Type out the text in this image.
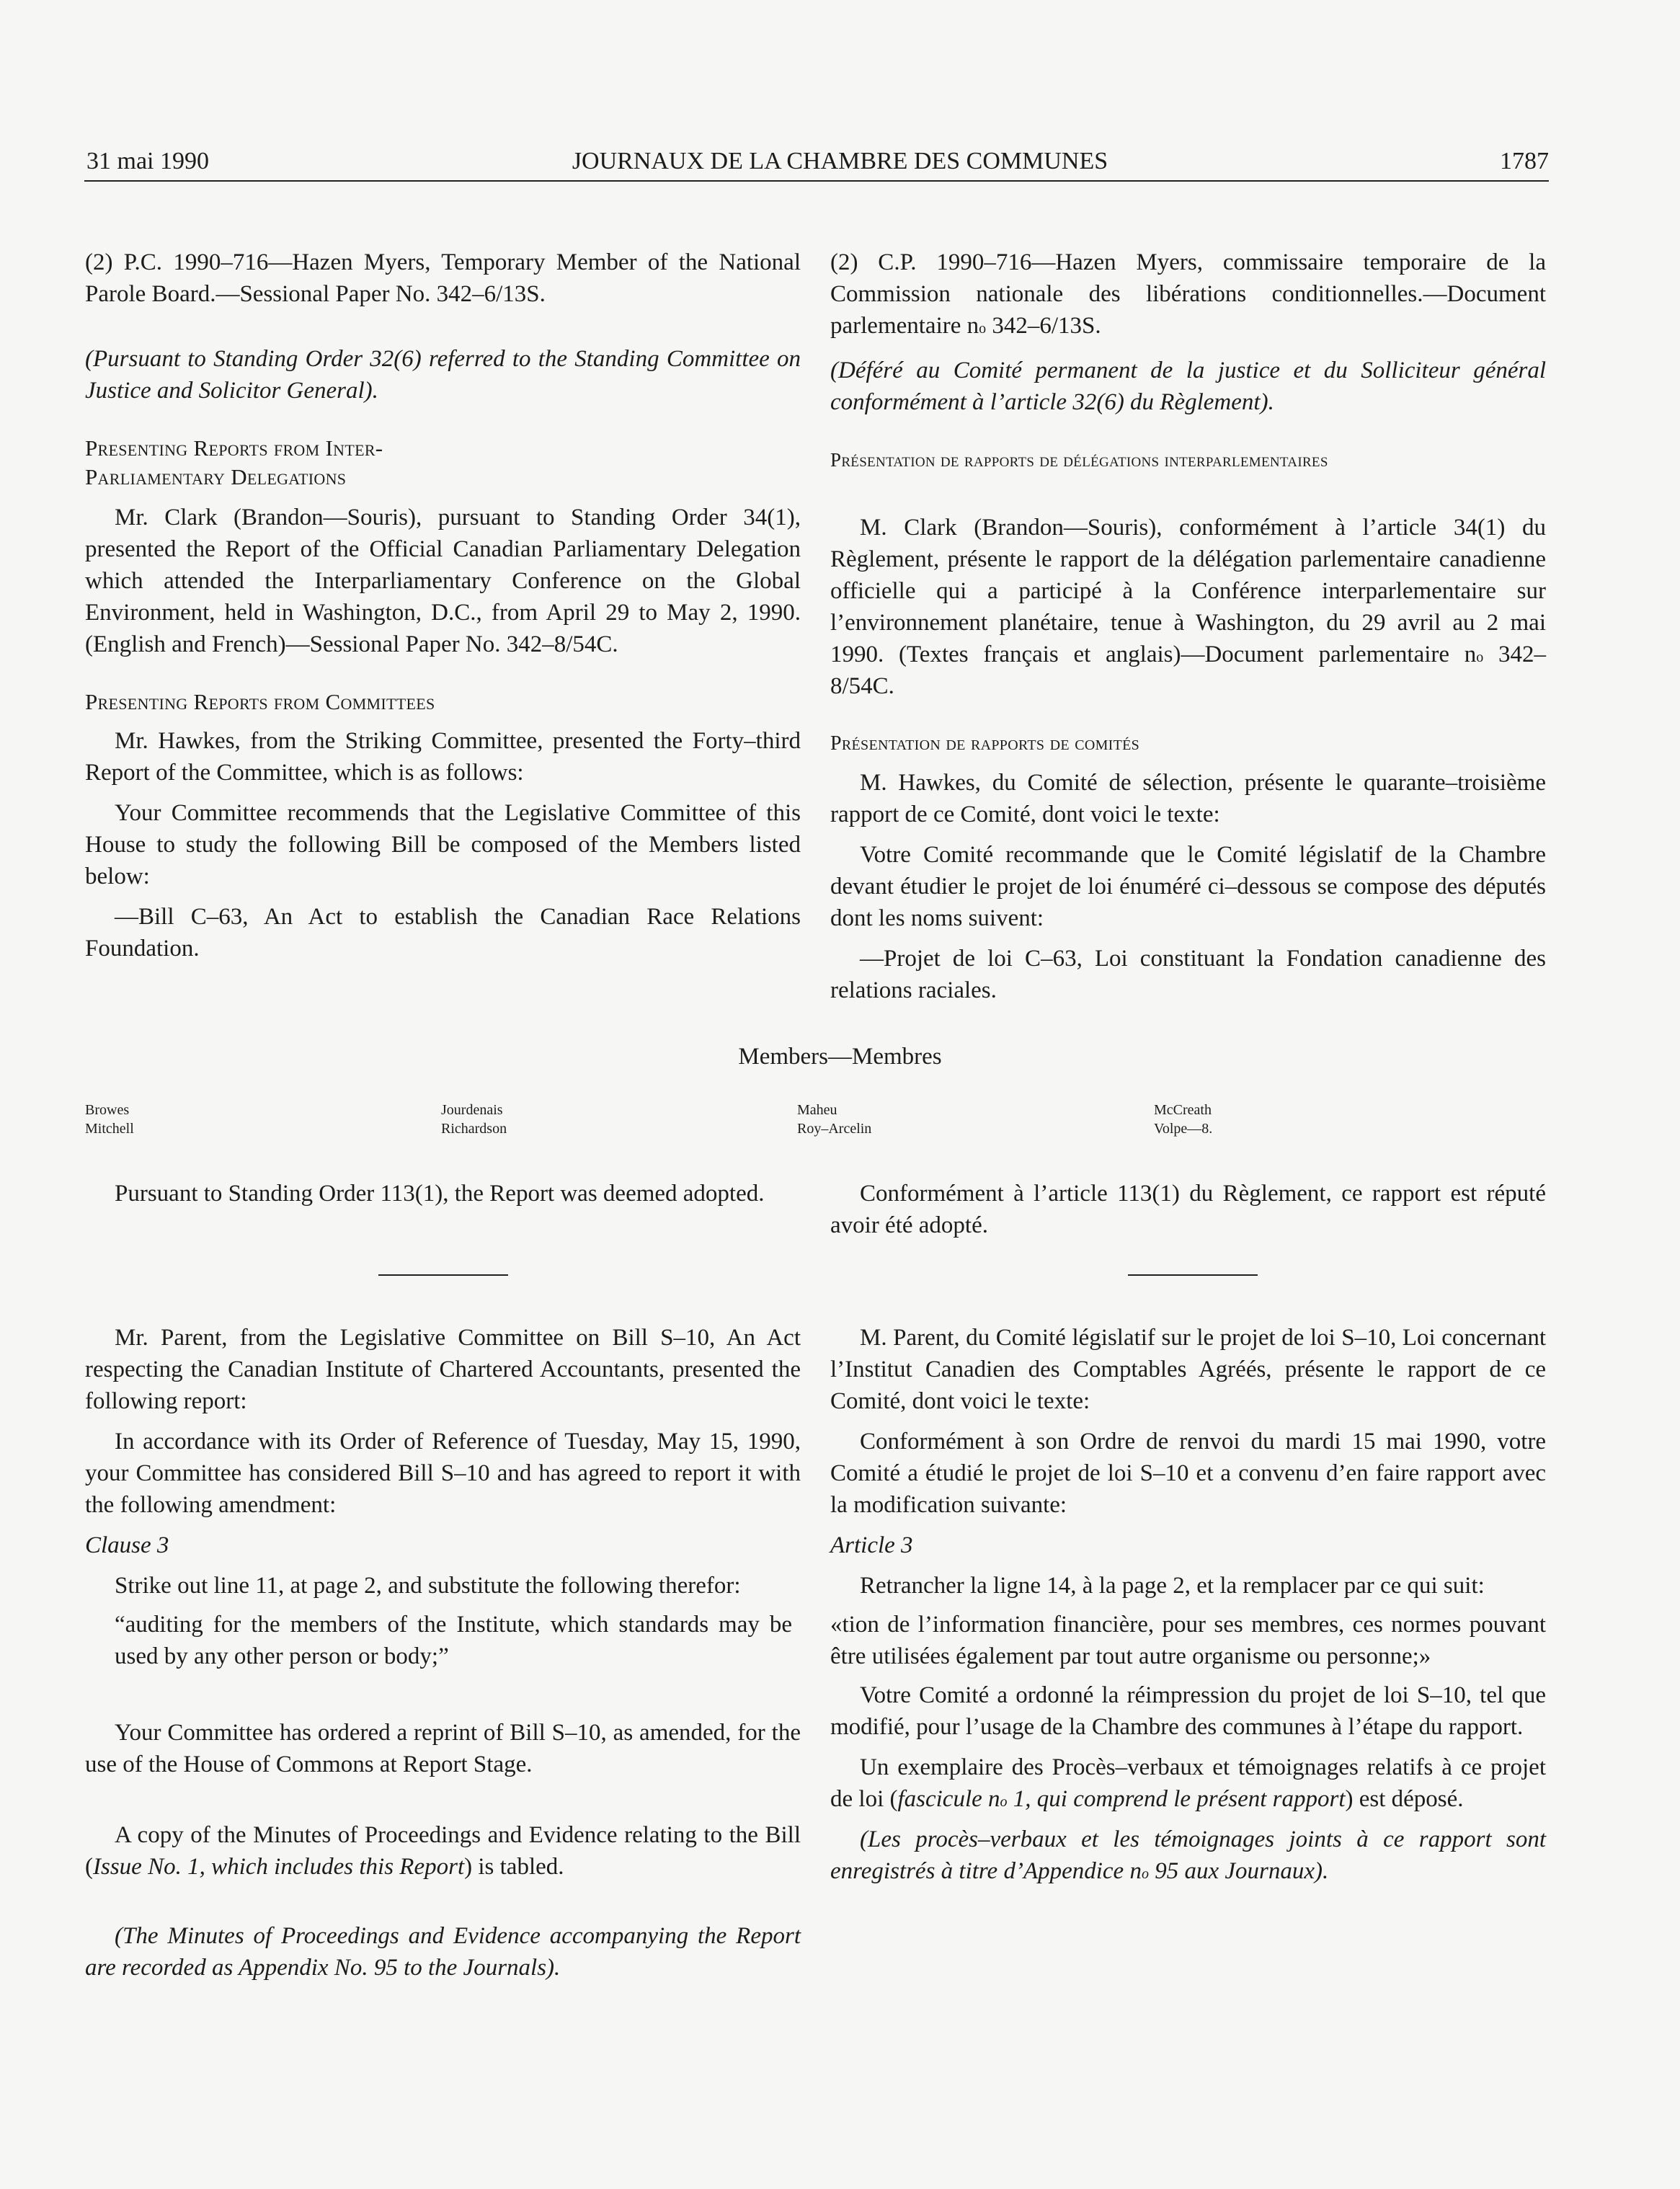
31 mai 1990	JOURNAUX DE LA CHAMBRE DES COMMUNES	1787

(2) P.C. 1990–716—Hazen Myers, Temporary Member of the National Parole Board.—Sessional Paper No. 342–6/13S.

(Pursuant to Standing Order 32(6) referred to the Standing Committee on Justice and Solicitor General).

Presenting Reports from Inter-Parliamentary Delegations

Mr. Clark (Brandon—Souris), pursuant to Standing Order 34(1), presented the Report of the Official Canadian Parliamentary Delegation which attended the Interparliamentary Conference on the Global Environment, held in Washington, D.C., from April 29 to May 2, 1990. (English and French)—Sessional Paper No. 342–8/54C.

Presenting Reports from Committees

Mr. Hawkes, from the Striking Committee, presented the Forty–third Report of the Committee, which is as follows:

Your Committee recommends that the Legislative Committee of this House to study the following Bill be composed of the Members listed below:

—Bill C–63, An Act to establish the Canadian Race Relations Foundation.

(2) C.P. 1990–716—Hazen Myers, commissaire temporaire de la Commission nationale des libérations conditionnelles.—Document parlementaire $n^o$ 342–6/13S.

(Déféré au Comité permanent de la justice et du Solliciteur général conformément à l’article 32(6) du Règlement).

Présentation de rapports de délégations interparlementaires

M. Clark (Brandon—Souris), conformément à l’article 34(1) du Règlement, présente le rapport de la délégation parlementaire canadienne officielle qui a participé à la Conférence interparlementaire sur l’environnement planétaire, tenue à Washington, du 29 avril au 2 mai 1990. (Textes français et anglais)—Document parlementaire $n^o$ 342–8/54C.

Présentation de rapports de comités

M. Hawkes, du Comité de sélection, présente le quarante–troisième rapport de ce Comité, dont voici le texte:

Votre Comité recommande que le Comité législatif de la Chambre devant étudier le projet de loi énuméré ci–dessous se compose des députés dont les noms suivent:

—Projet de loi C–63, Loi constituant la Fondation canadienne des relations raciales.

Members—Membres
Browes
Mitchell
Jourdenais
Richardson
Maheu
Roy–Arcelin
McCreath
Volpe—8.

Pursuant to Standing Order 113(1), the Report was deemed adopted.

Mr. Parent, from the Legislative Committee on Bill S–10, An Act respecting the Canadian Institute of Chartered Accountants, presented the following report:

In accordance with its Order of Reference of Tuesday, May 15, 1990, your Committee has considered Bill S–10 and has agreed to report it with the following amendment:

Clause 3

Strike out line 11, at page 2, and substitute the following therefor:

“auditing for the members of the Institute, which standards may be used by any other person or body;”

Your Committee has ordered a reprint of Bill S–10, as amended, for the use of the House of Commons at Report Stage.

A copy of the Minutes of Proceedings and Evidence relating to the Bill (Issue No. 1, which includes this Report) is tabled.

(The Minutes of Proceedings and Evidence accompanying the Report are recorded as Appendix No. 95 to the Journals).

Conformément à l’article 113(1) du Règlement, ce rapport est réputé avoir été adopté.

M. Parent, du Comité législatif sur le projet de loi S–10, Loi concernant l’Institut Canadien des Comptables Agréés, présente le rapport de ce Comité, dont voici le texte:

Conformément à son Ordre de renvoi du mardi 15 mai 1990, votre Comité a étudié le projet de loi S–10 et a convenu d’en faire rapport avec la modification suivante:

Article 3

Retrancher la ligne 14, à la page 2, et la remplacer par ce qui suit:

«tion de l’information financière, pour ses membres, ces normes pouvant être utilisées également par tout autre organisme ou personne;»

Votre Comité a ordonné la réimpression du projet de loi S–10, tel que modifié, pour l’usage de la Chambre des communes à l’étape du rapport.

Un exemplaire des Procès–verbaux et témoignages relatifs à ce projet de loi (fascicule $n^o$ 1, qui comprend le présent rapport) est déposé.

(Les procès–verbaux et les témoignages joints à ce rapport sont enregistrés à titre d’Appendice $n^o$ 95 aux Journaux).
